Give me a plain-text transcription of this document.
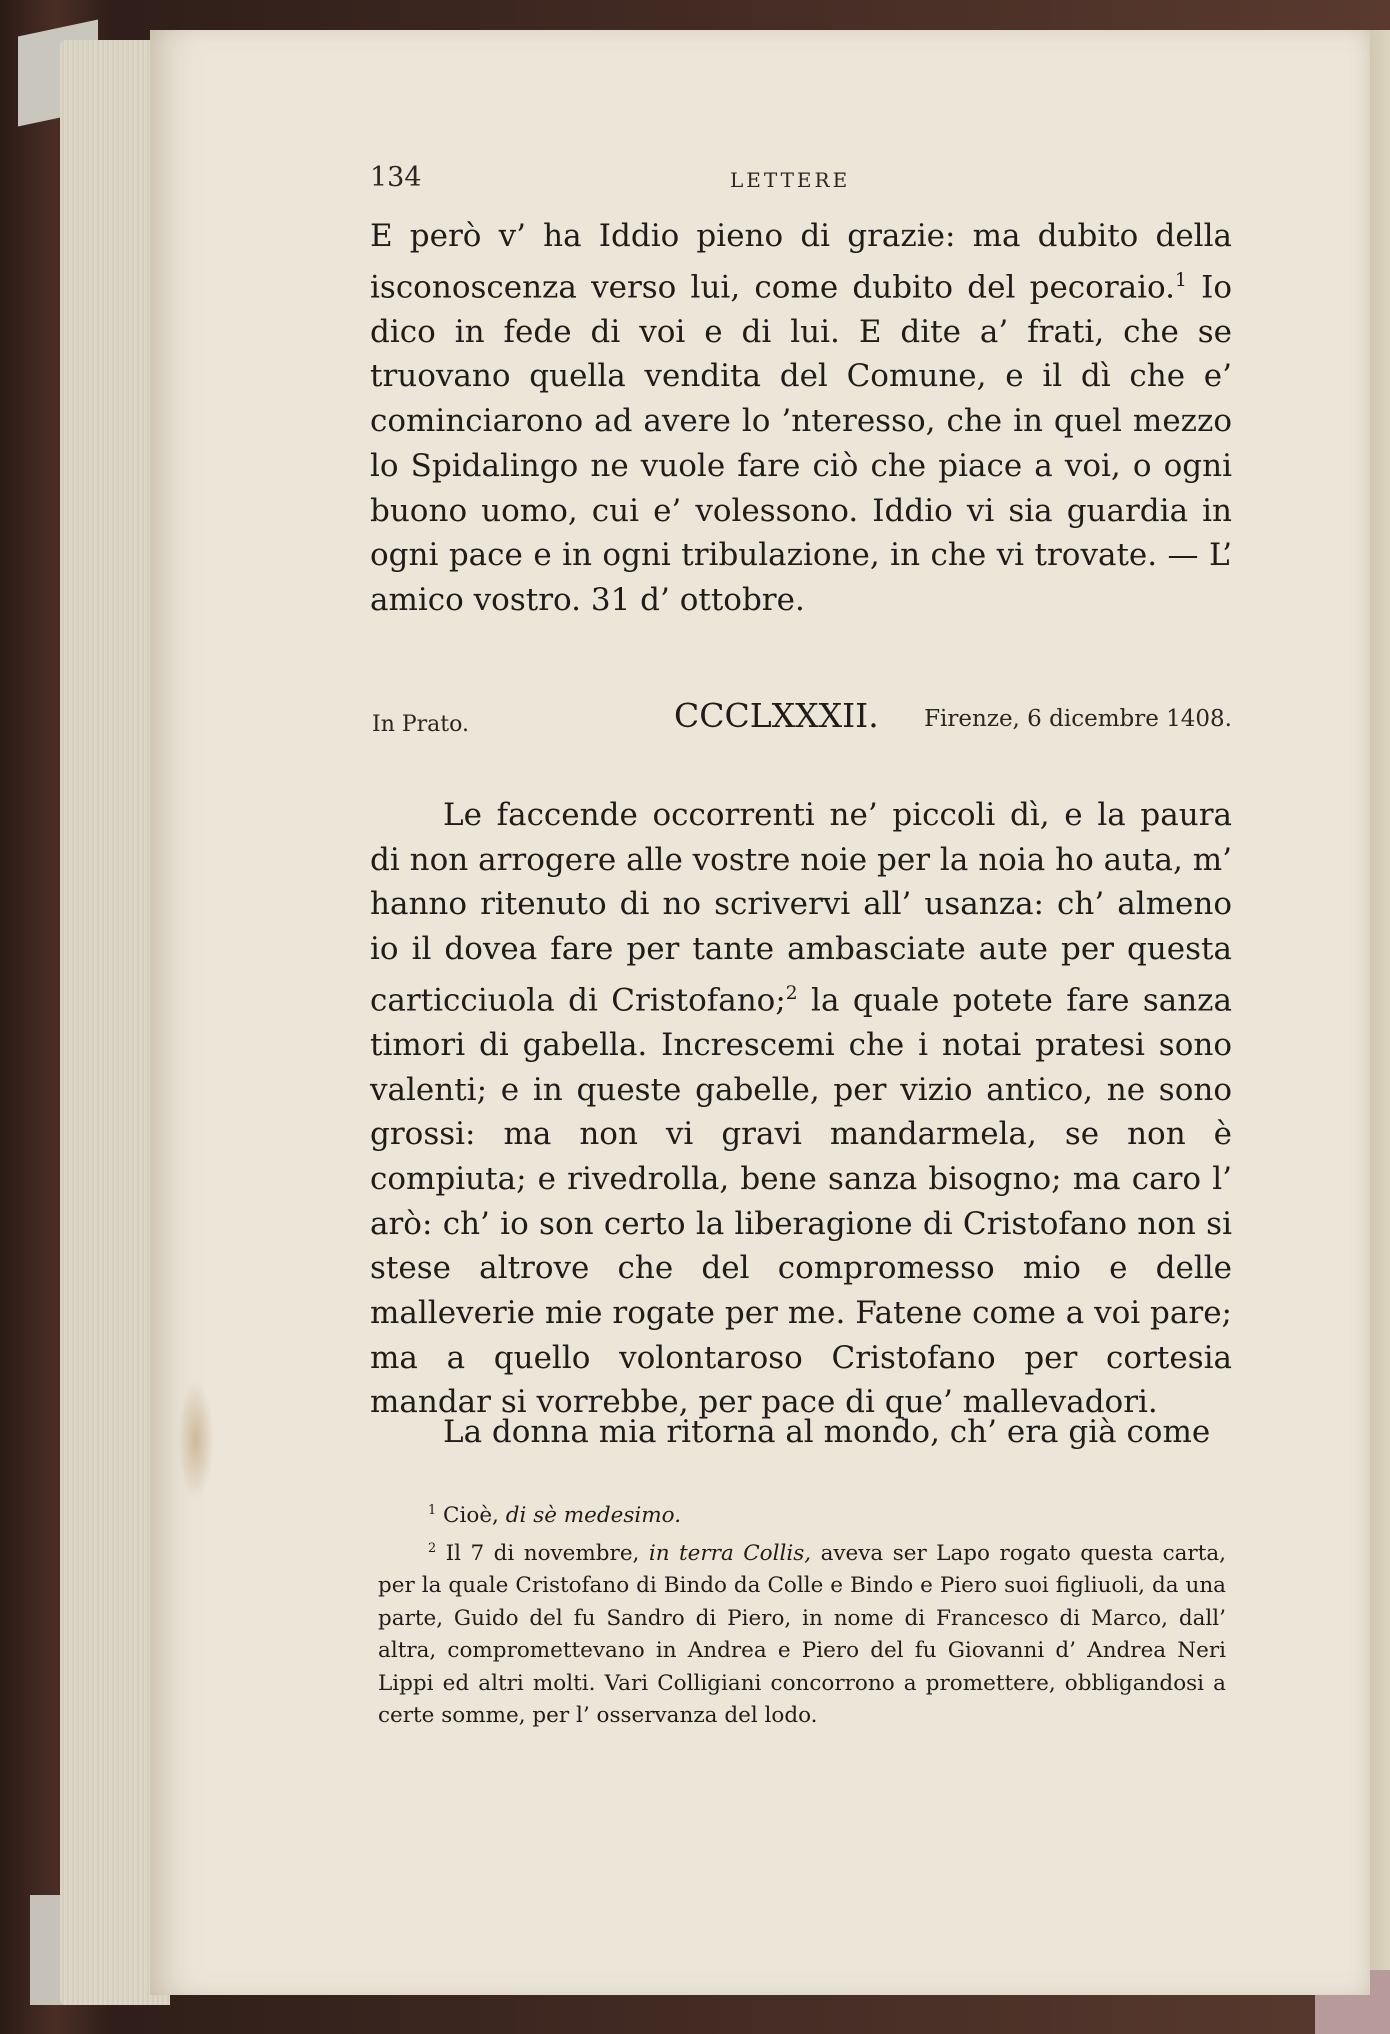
134	LETTERE
E però v’ ha Iddio pieno di grazie: ma dubito della isconoscenza verso lui, come dubito del pecoraio.$^1$ Io dico in fede di voi e di lui. E dite a’ frati, che se truovano quella vendita del Comune, e il dì che e’ cominciarono ad avere lo ’nteresso, che in quel mezzo lo Spidalingo ne vuole fare ciò che piace a voi, o ogni buono uomo, cui e’ volessono. Iddio vi sia guardia in ogni pace e in ogni tribulazione, in che vi trovate. — L’ amico vostro. 31 d’ ottobre.
In Prato.	CCCLXXXII. Firenze, 6 dicembre 1408.
Le faccende occorrenti ne’ piccoli dì, e la paura di non arrogere alle vostre noie per la noia ho auta, m’ hanno ritenuto di no scrivervi all’ usanza: ch’ almeno io il dovea fare per tante ambasciate aute per questa carticciuola di Cristofano;$^2$ la quale potete fare sanza timori di gabella. Increscemi che i notai pratesi sono valenti; e in queste gabelle, per vizio antico, ne sono grossi: ma non vi gravi mandarmela, se non è compiuta; e rivedrolla, bene sanza bisogno; ma caro l’ arò: ch’ io son certo la liberagione di Cristofano non si stese altrove che del compromesso mio e delle malleverie mie rogate per me. Fatene come a voi pare; ma a quello volontaroso Cristofano per cortesia mandar si vorrebbe, per pace di que’ mallevadori.
La donna mia ritorna al mondo, ch’ era già come
$^1$ Cioè, di sè medesimo.
$^2$ Il 7 di novembre, in terra Collis, aveva ser Lapo rogato questa carta, per la quale Cristofano di Bindo da Colle e Bindo e Piero suoi figliuoli, da una parte, Guido del fu Sandro di Piero, in nome di Francesco di Marco, dall’ altra, compromettevano in Andrea e Piero del fu Giovanni d’ Andrea Neri Lippi ed altri molti. Vari Colligiani concorrono a promettere, obbligandosi a certe somme, per l’ osservanza del lodo.
